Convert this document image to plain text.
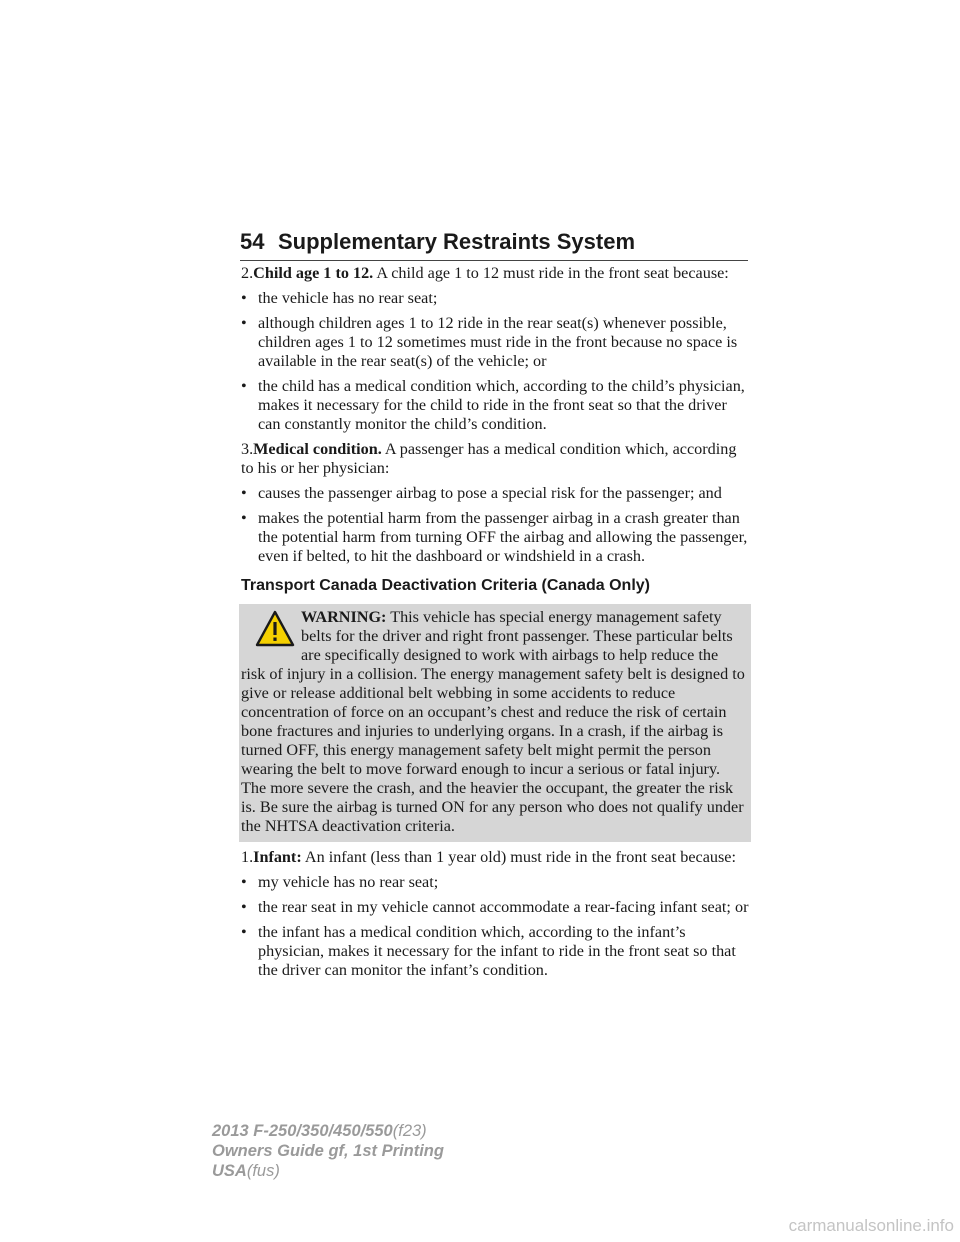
54 Supplementary Restraints System

2.Child age 1 to 12. A child age 1 to 12 must ride in the front seat because:

• the vehicle has no rear seat;
• although children ages 1 to 12 ride in the rear seat(s) whenever possible, children ages 1 to 12 sometimes must ride in the front because no space is available in the rear seat(s) of the vehicle; or
• the child has a medical condition which, according to the child’s physician, makes it necessary for the child to ride in the front seat so that the driver can constantly monitor the child’s condition.

3.Medical condition. A passenger has a medical condition which, according to his or her physician:

• causes the passenger airbag to pose a special risk for the passenger; and
• makes the potential harm from the passenger airbag in a crash greater than the potential harm from turning OFF the airbag and allowing the passenger, even if belted, to hit the dashboard or windshield in a crash.
Transport Canada Deactivation Criteria (Canada Only)
WARNING: This vehicle has special energy management safety belts for the driver and right front passenger. These particular belts are specifically designed to work with airbags to help reduce the risk of injury in a collision. The energy management safety belt is designed to give or release additional belt webbing in some accidents to reduce concentration of force on an occupant’s chest and reduce the risk of certain bone fractures and injuries to underlying organs. In a crash, if the airbag is turned OFF, this energy management safety belt might permit the person wearing the belt to move forward enough to incur a serious or fatal injury. The more severe the crash, and the heavier the occupant, the greater the risk is. Be sure the airbag is turned ON for any person who does not qualify under the NHTSA deactivation criteria.

1.Infant: An infant (less than 1 year old) must ride in the front seat because:

• my vehicle has no rear seat;
• the rear seat in my vehicle cannot accommodate a rear-facing infant seat; or
• the infant has a medical condition which, according to the infant’s physician, makes it necessary for the infant to ride in the front seat so that the driver can monitor the infant’s condition.
2013 F-250/350/450/550(f23)
Owners Guide gf, 1st Printing
USA(fus)
carmanualsonline.info
